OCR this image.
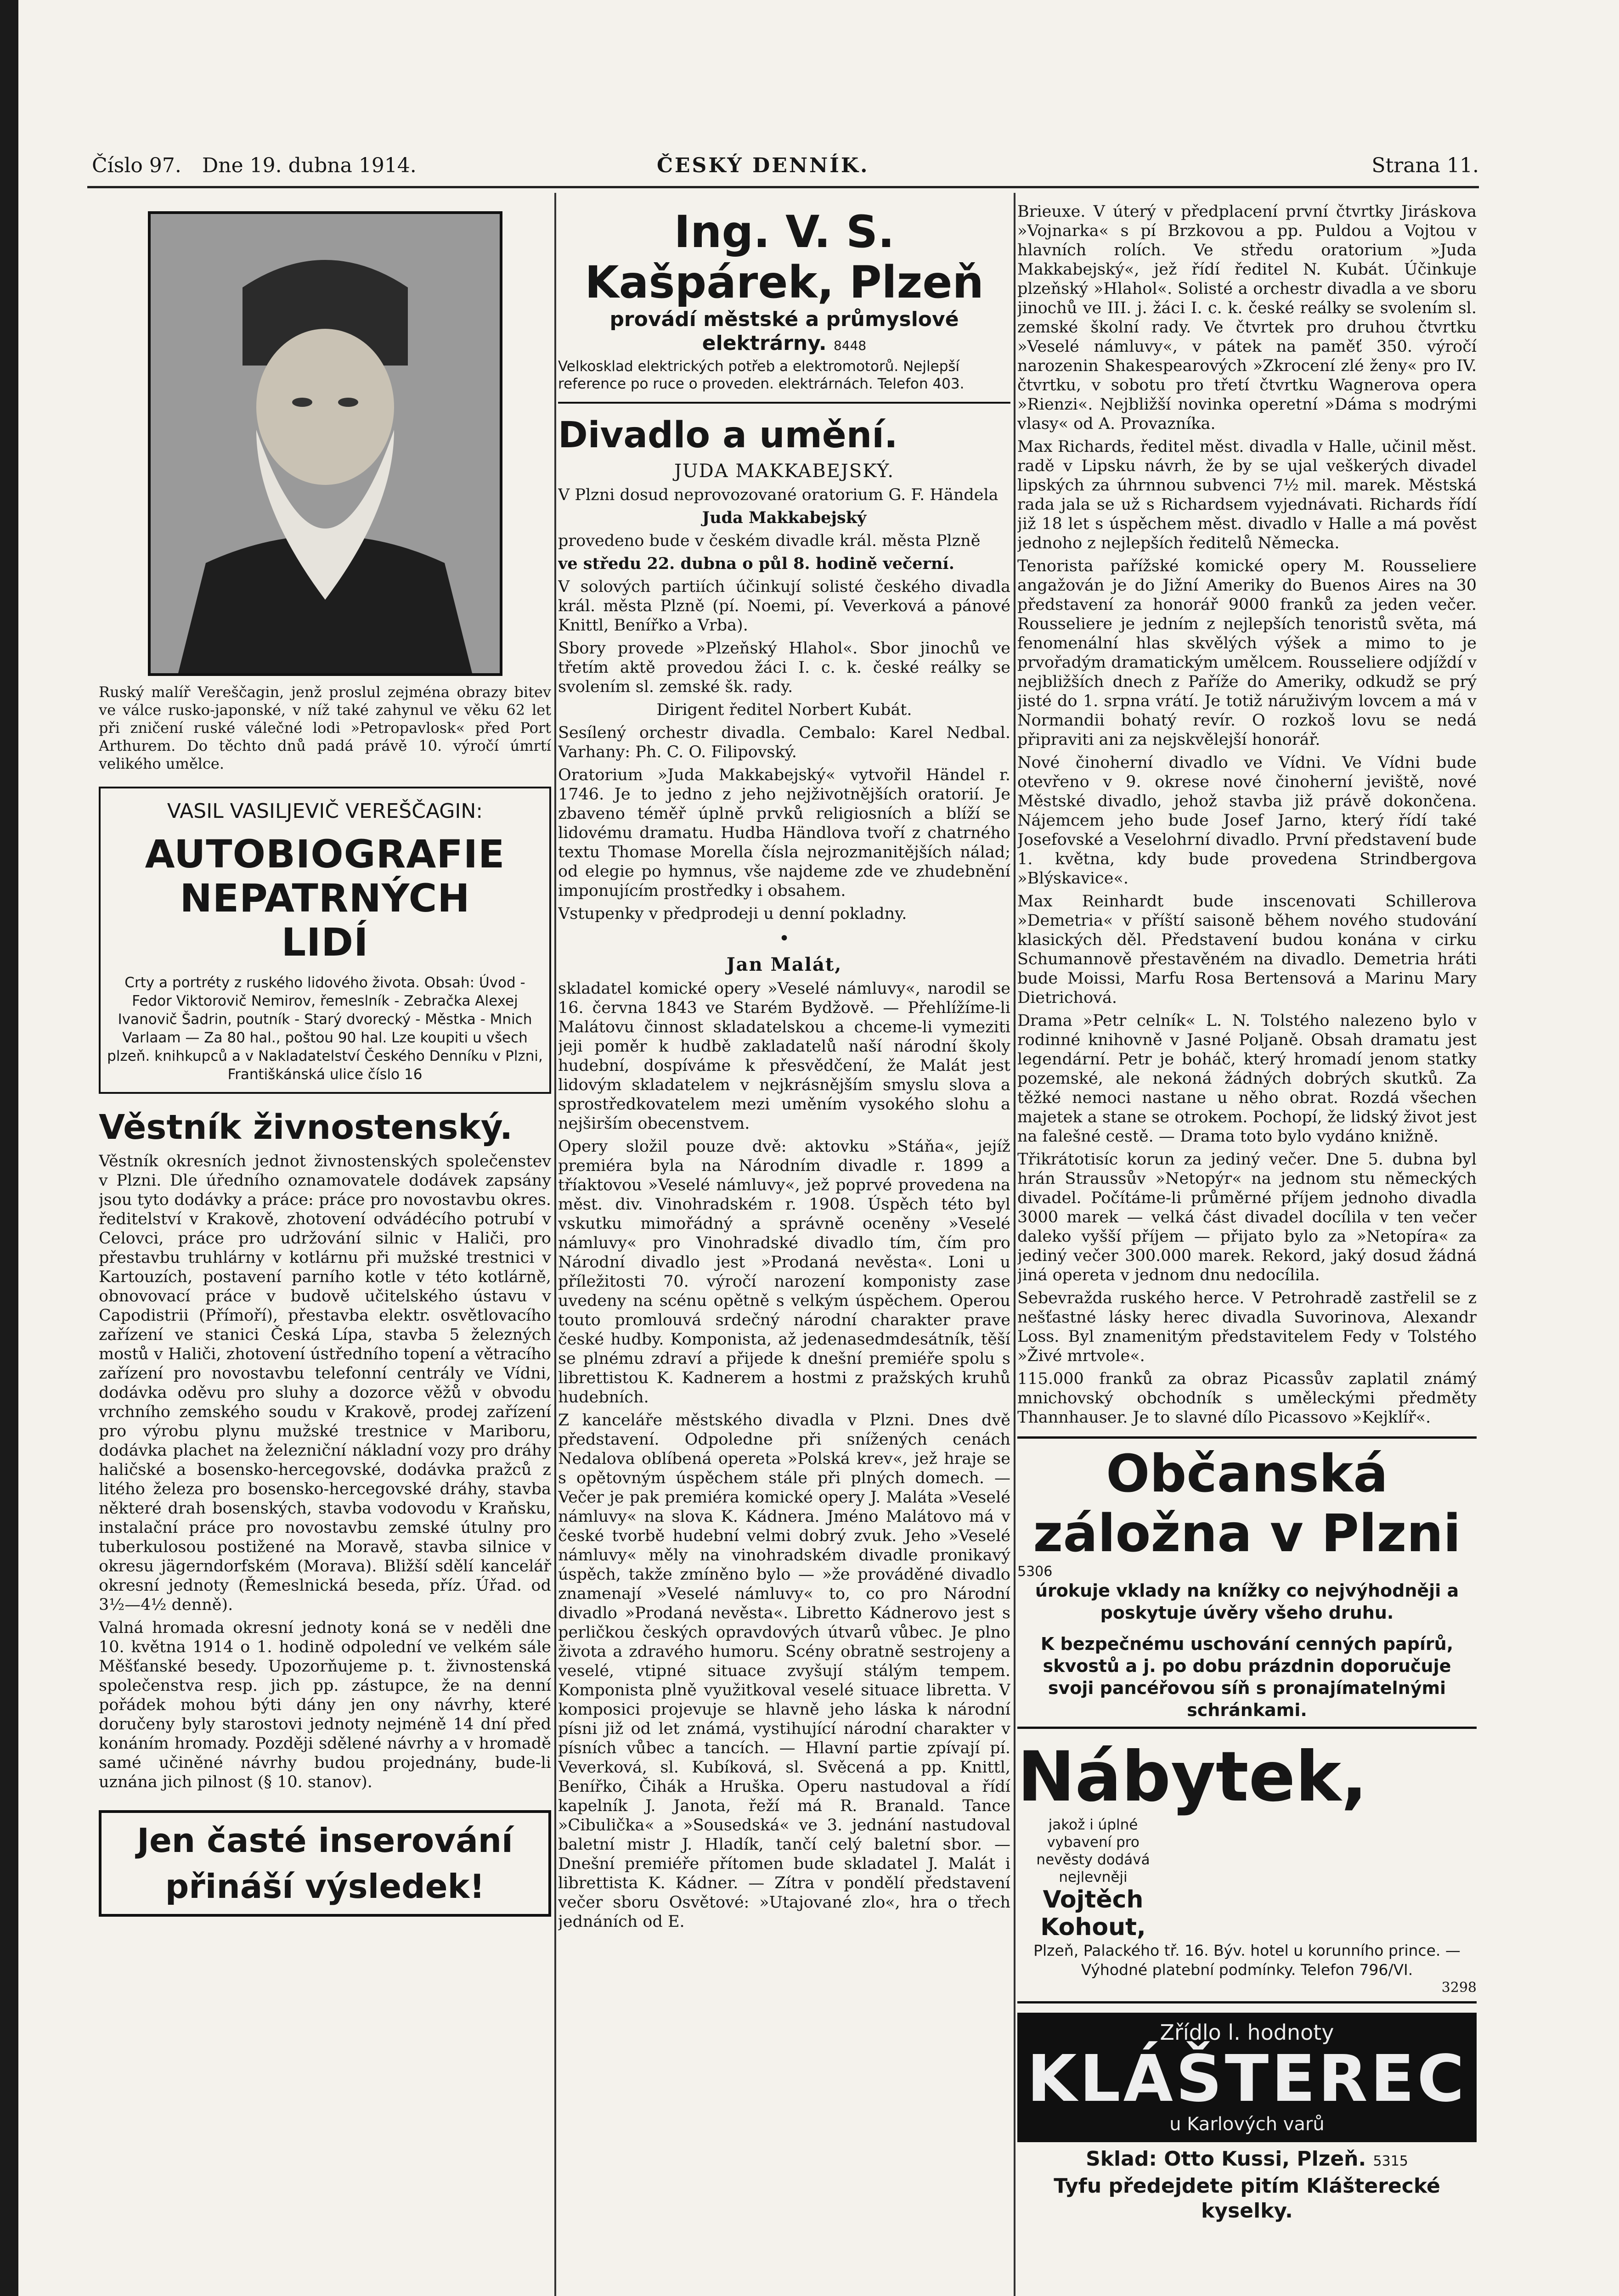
Číslo 97. Dne 19. dubna 1914.	ČESKÝ DENNÍK.	Strana 11.
Ruský malíř Vereščagin, jenž proslul zejména obrazy bitev ve válce rusko-japonské, v níž také zahynul ve věku 62 let při zničení ruské válečné lodi »Petropavlosk« před Port Arthurem. Do těchto dnů padá právě 10. výročí úmrtí velikého umělce.
VASIL VASILJEVIČ VEREŠČAGIN:
AUTOBIOGRAFIE
NEPATRNÝCH
LIDÍ
Crty a portréty z ruského lidového života. Obsah: Úvod - Fedor Viktorovič Nemirov, řemeslník - Zebračka Alexej Ivanovič Šadrin, poutník - Starý dvorecký - Městka - Mnich Varlaam — Za 80 hal., poštou 90 hal. Lze koupiti u všech plzeň. knihkupců a v Nakladatelství Českého Denníku v Plzni, Františkánská ulice číslo 16
Věstník živnostenský.

Věstník okresních jednot živnostenských společenstev v Plzni. Dle úředního oznamovatele dodávek zapsány jsou tyto dodávky a práce: práce pro novostavbu okres. ředitelství v Krakově, zhotovení odvádécího potrubí v Celovci, práce pro udržování silnic v Haliči, pro přestavbu truhlárny v kotlárnu při mužské trestnici v Kartouzích, postavení parního kotle v této kotlárně, obnovovací práce v budově učitelského ústavu v Capodistrii (Přímoří), přestavba elektr. osvětlovacího zařízení ve stanici Česká Lípa, stavba 5 železných mostů v Haliči, zhotovení ústředního topení a větracího zařízení pro novostavbu telefonní centrály ve Vídni, dodávka oděvu pro sluhy a dozorce věžů v obvodu vrchního zemského soudu v Krakově, prodej zařízení pro výrobu plynu mužské trestnice v Mariboru, dodávka plachet na železniční nákladní vozy pro dráhy haličské a bosensko-hercegovské, dodávka pražců z litého železa pro bosensko-hercegovské dráhy, stavba některé drah bosenských, stavba vodovodu v Kraňsku, instalační práce pro novostavbu zemské útulny pro tuberkulosou postižené na Moravě, stavba silnice v okresu jägerndorfském (Morava). Bližší sdělí kancelář okresní jednoty (Řemeslnická beseda, příz. Úřad. od 3½—4½ denně).

Valná hromada okresní jednoty koná se v neděli dne 10. května 1914 o 1. hodině odpolední ve velkém sále Měšťanské besedy. Upozorňujeme p. t. živnostenská společenstva resp. jich pp. zástupce, že na denní pořádek mohou býti dány jen ony návrhy, které doručeny byly starostovi jednoty nejméně 14 dní před konáním hromady. Později sdělené návrhy a v hromadě samé učiněné návrhy budou projednány, bude-li uznána jich pilnost (§ 10. stanov).

Jen časté inserování přináší výsledek!
Ing. V. S. Kašpárek, Plzeň
provádí městské a průmyslové
elektrárny. 8448
Velkosklad elektrických potřeb a elektromotorů. Nejlepší reference po ruce o proveden. elektrárnách. Telefon 403.
Divadlo a umění.
JUDA MAKKABEJSKÝ.

V Plzni dosud neprovozované oratorium G. F. Händela

Juda Makkabejský

provedeno bude v českém divadle král. města Plzně

ve středu 22. dubna o půl 8. hodině večerní.

V solových partiích účinkují solisté českého divadla král. města Plzně (pí. Noemi, pí. Veverková a pánové Knittl, Benířko a Vrba).

Sbory provede »Plzeňský Hlahol«. Sbor jinochů ve třetím aktě provedou žáci I. c. k. české reálky se svolením sl. zemské šk. rady.

Dirigent ředitel Norbert Kubát.

Sesílený orchestr divadla. Cembalo: Karel Nedbal. Varhany: Ph. C. O. Filipovský.

Oratorium »Juda Makkabejský« vytvořil Händel r. 1746. Je to jedno z jeho nejživotnějších oratorií. Je zbaveno téměř úplně prvků religiosních a blíží se lidovému dramatu. Hudba Händlova tvoří z chatrného textu Thomase Morella čísla nejrozmanitějších nálad; od elegie po hymnus, vše najdeme zde ve zhudebnění imponujícím prostředky i obsahem.

Vstupenky v předprodeji u denní pokladny.

•
Jan Malát,

skladatel komické opery »Veselé námluvy«, narodil se 16. června 1843 ve Starém Bydžově. — Přehlížíme-li Malátovu činnost skladatelskou a chceme-li vymeziti jeji poměr k hudbě zakladatelů naší národní školy hudební, dospíváme k přesvědčení, že Malát jest lidovým skladatelem v nejkrásnějším smyslu slova a sprostředkovatelem mezi uměním vysokého slohu a nejširším obecenstvem.

Opery složil pouze dvě: aktovku »Stáňa«, jejíž premiéra byla na Národním divadle r. 1899 a tříaktovou »Veselé námluvy«, jež poprvé provedena na měst. div. Vinohradském r. 1908. Úspěch této byl vskutku mimořádný a správně oceněny »Veselé námluvy« pro Vinohradské divadlo tím, čím pro Národní divadlo jest »Prodaná nevěsta«. Loni u příležitosti 70. výročí narození komponisty zase uvedeny na scénu opětně s velkým úspěchem. Operou touto promlouvá srdečný národní charakter prave české hudby. Komponista, až jedenasedmdesátník, těší se plnému zdraví a přijede k dnešní premiéře spolu s librettistou K. Kadnerem a hostmi z pražských kruhů hudebních.

Z kanceláře městského divadla v Plzni. Dnes dvě představení. Odpoledne při snížených cenách Nedalova oblíbená opereta »Polská krev«, jež hraje se s opětovným úspěchem stále při plných domech. — Večer je pak premiéra komické opery J. Maláta »Veselé námluvy« na slova K. Kádnera. Jméno Malátovo má v české tvorbě hudební velmi dobrý zvuk. Jeho »Veselé námluvy« měly na vinohradském divadle pronikavý úspěch, takže zmíněno bylo — »že prováděné divadlo znamenají »Veselé námluvy« to, co pro Národní divadlo »Prodaná nevěsta«. Libretto Kádnerovo jest s perličkou českých opravdových útvarů vůbec. Je plno života a zdravého humoru. Scény obratně sestrojeny a veselé, vtipné situace zvyšují stálým tempem. Komponista plně využitkoval veselé situace libretta. V komposici projevuje se hlavně jeho láska k národní písni již od let známá, vystihující národní charakter v písních vůbec a tancích. — Hlavní partie zpívají pí. Veverková, sl. Kubíková, sl. Svěcená a pp. Knittl, Benířko, Čihák a Hruška. Operu nastudoval a řídí kapelník J. Janota, řeží má R. Branald. Tance »Cibulička« a »Sousedská« ve 3. jednání nastudoval baletní mistr J. Hladík, tančí celý baletní sbor. — Dnešní premiéře přítomen bude skladatel J. Malát i librettista K. Kádner. — Zítra v pondělí představení večer sboru Osvětové: »Utajované zlo«, hra o třech jednáních od E.

Brieuxe. V úterý v předplacení první čtvrtky Jiráskova »Vojnarka« s pí Brzkovou a pp. Puldou a Vojtou v hlavních rolích. Ve středu oratorium »Juda Makkabejský«, jež řídí ředitel N. Kubát. Účinkuje plzeňský »Hlahol«. Solisté a orchestr divadla a ve sboru jinochů ve III. j. žáci I. c. k. české reálky se svolením sl. zemské školní rady. Ve čtvrtek pro druhou čtvrtku »Veselé námluvy«, v pátek na paměť 350. výročí narozenin Shakespearových »Zkrocení zlé ženy« pro IV. čtvrtku, v sobotu pro třetí čtvrtku Wagnerova opera »Rienzi«. Nejbližší novinka operetní »Dáma s modrými vlasy« od A. Provazníka.

Max Richards, ředitel měst. divadla v Halle, učinil měst. radě v Lipsku návrh, že by se ujal veškerých divadel lipských za úhrnnou subvenci 7½ mil. marek. Městská rada jala se už s Richardsem vyjednávati. Richards řídí již 18 let s úspěchem měst. divadlo v Halle a má pověst jednoho z nejlepších ředitelů Německa.

Tenorista pařížské komické opery M. Rousseliere angažován je do Jižní Ameriky do Buenos Aires na 30 představení za honorář 9000 franků za jeden večer. Rousseliere je jedním z nejlepších tenoristů světa, má fenomenální hlas skvělých výšek a mimo to je prvořadým dramatickým umělcem. Rousseliere odjíždí v nejbližších dnech z Paříže do Ameriky, odkudž se prý jisté do 1. srpna vrátí. Je totiž náruživým lovcem a má v Normandii bohatý revír. O rozkoš lovu se nedá připraviti ani za nejskvělejší honorář.

Nové činoherní divadlo ve Vídni. Ve Vídni bude otevřeno v 9. okrese nové činoherní jeviště, nové Městské divadlo, jehož stavba již právě dokončena. Nájemcem jeho bude Josef Jarno, který řídí také Josefovské a Veselohrní divadlo. První představení bude 1. května, kdy bude provedena Strindbergova »Blýskavice«.

Max Reinhardt bude inscenovati Schillerova »Demetria« v příští saisoně během nového studování klasických děl. Představení budou konána v cirku Schumannově přestavěném na divadlo. Demetria hráti bude Moissi, Marfu Rosa Bertensová a Marinu Mary Dietrichová.

Drama »Petr celník« L. N. Tolstého nalezeno bylo v rodinné knihovně v Jasné Poljaně. Obsah dramatu jest legendární. Petr je boháč, který hromadí jenom statky pozemské, ale nekoná žádných dobrých skutků. Za těžké nemoci nastane u něho obrat. Rozdá všechen majetek a stane se otrokem. Pochopí, že lidský život jest na falešné cestě. — Drama toto bylo vydáno knižně.

Třikrátotisíc korun za jediný večer. Dne 5. dubna byl hrán Straussův »Netopýr« na jednom stu německých divadel. Počítáme-li průměrné příjem jednoho divadla 3000 marek — velká část divadel docílila v ten večer daleko vyšší příjem — přijato bylo za »Netopíra« za jediný večer 300.000 marek. Rekord, jaký dosud žádná jiná opereta v jednom dnu nedocílila.

Sebevražda ruského herce. V Petrohradě zastřelil se z nešťastné lásky herec divadla Suvorinova, Alexandr Loss. Byl znamenitým představitelem Fedy v Tolstého »Živé mrtvole«.

115.000 franků za obraz Picassův zaplatil známý mnichovský obchodník s uměleckými předměty Thannhauser. Je to slavné dílo Picassovo »Kejklíř«.

Občanská záložna v Plzni
5306
úrokuje vklady na knížky co nejvýhodněji a poskytuje úvěry všeho druhu.
K bezpečnému uschování cenných papírů, skvostů a j. po dobu prázdnin doporučuje svoji pancéřovou síň s pronajímatelnými schránkami.
Nábytek, jakož i úplné vybavení pro nevěsty dodává nejlevněji
Vojtěch Kohout,
Plzeň, Palackého tř. 16. Býv. hotel u korunního prince. — Výhodné platební podmínky. Telefon 796/VI.
3298
Zřídlo l. hodnoty
KLÁŠTEREC
u Karlových varů
Sklad: Otto Kussi, Plzeň. 5315
Tyfu předejdete pitím Klášterecké kyselky.
